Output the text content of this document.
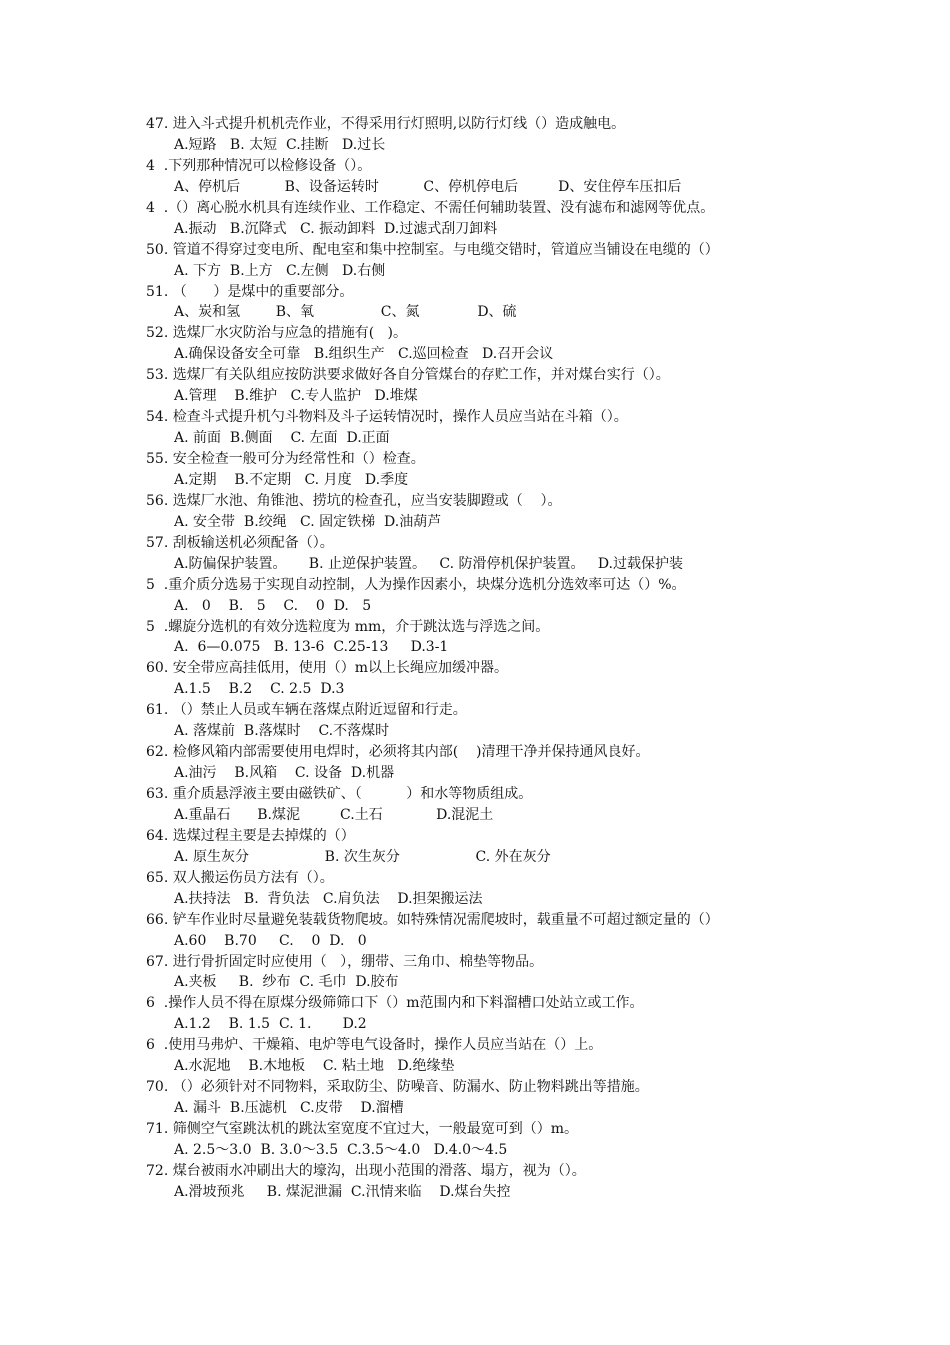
47. 进入斗式提升机机壳作业，不得采用行灯照明,以防行灯线（）造成触电。
A.短路   B. 太短  C.挂断   D.过长
4  .下列那种情况可以检修设备（）。
A、停机后          B、设备运转时          C、停机停电后         D、安住停车压扣后
4  .（）离心脱水机具有连续作业、工作稳定、不需任何辅助装置、没有滤布和滤网等优点。
A.振动   B.沉降式   C. 振动卸料  D.过滤式刮刀卸料
50. 管道不得穿过变电所、配电室和集中控制室。与电缆交错时，管道应当铺设在电缆的（）
A. 下方  B.上方   C.左侧   D.右侧
51. （      ）是煤中的重要部分。
A、炭和氢        B、氧               C、氮             D、硫
52. 选煤厂水灾防治与应急的措施有(   )。
A.确保设备安全可靠   B.组织生产   C.巡回检查   D.召开会议
53. 选煤厂有关队组应按防洪要求做好各自分管煤台的存贮工作，并对煤台实行（）。
A.管理    B.维护   C.专人监护   D.堆煤
54. 检查斗式提升机勺斗物料及斗子运转情况时，操作人员应当站在斗箱（）。
A. 前面  B.侧面    C. 左面  D.正面
55. 安全检查一般可分为经常性和（）检查。
A.定期    B.不定期   C. 月度   D.季度
56. 选煤厂水池、角锥池、捞坑的检查孔，应当安装脚蹬或（    ）。
A. 安全带  B.绞绳   C. 固定铁梯  D.油葫芦
57. 刮板输送机必须配备（）。
A.防偏保护装置。     B. 止逆保护装置。   C. 防滑停机保护装置。   D.过载保护装
5  .重介质分选易于实现自动控制，人为操作因素小，块煤分选机分选效率可达（）%。
A.   0    B.   5    C.    0  D.   5
5  .螺旋分选机的有效分选粒度为 mm，介于跳汰选与浮选之间。
A.  6—0.075   B. 13-6  C.25-13     D.3-1
60. 安全带应高挂低用，使用（）m以上长绳应加缓冲器。
A.1.5    B.2    C. 2.5  D.3
61. （）禁止人员或车辆在落煤点附近逗留和行走。
A. 落煤前  B.落煤时    C.不落煤时
62. 检修风箱内部需要使用电焊时，必须将其内部(    )清理干净并保持通风良好。
A.油污    B.风箱    C. 设备  D.机器
63. 重介质悬浮液主要由磁铁矿、（          ）和水等物质组成。
A.重晶石      B.煤泥         C.土石            D.混泥土
64. 选煤过程主要是去掉煤的（）
A. 原生灰分                 B. 次生灰分                 C. 外在灰分
65. 双人搬运伤员方法有（）。
A.扶持法   B.  背负法   C.肩负法    D.担架搬运法
66. 铲车作业时尽量避免装载货物爬坡。如特殊情况需爬坡时，载重量不可超过额定量的（）
A.60    B.70     C.    0  D.   0
67. 进行骨折固定时应使用（   ），绷带、三角巾、棉垫等物品。
A.夹板     B.  纱布  C. 毛巾  D.胶布
6  .操作人员不得在原煤分级筛筛口下（）m范围内和下料溜槽口处站立或工作。
A.1.2    B. 1.5  C. 1.       D.2
6  .使用马弗炉、干燥箱、电炉等电气设备时，操作人员应当站在（）上。
A.水泥地    B.木地板    C. 粘土地   D.绝缘垫
70. （）必须针对不同物料，采取防尘、防噪音、防漏水、防止物料跳出等措施。
A. 漏斗  B.压滤机   C.皮带    D.溜槽
71. 筛侧空气室跳汰机的跳汰室宽度不宜过大，一般最宽可到（）m。
A. 2.5～3.0  B. 3.0～3.5  C.3.5～4.0   D.4.0～4.5
72. 煤台被雨水冲刷出大的壕沟，出现小范围的滑落、塌方，视为（）。
A.滑坡预兆     B. 煤泥泄漏  C.汛情来临    D.煤台失控
